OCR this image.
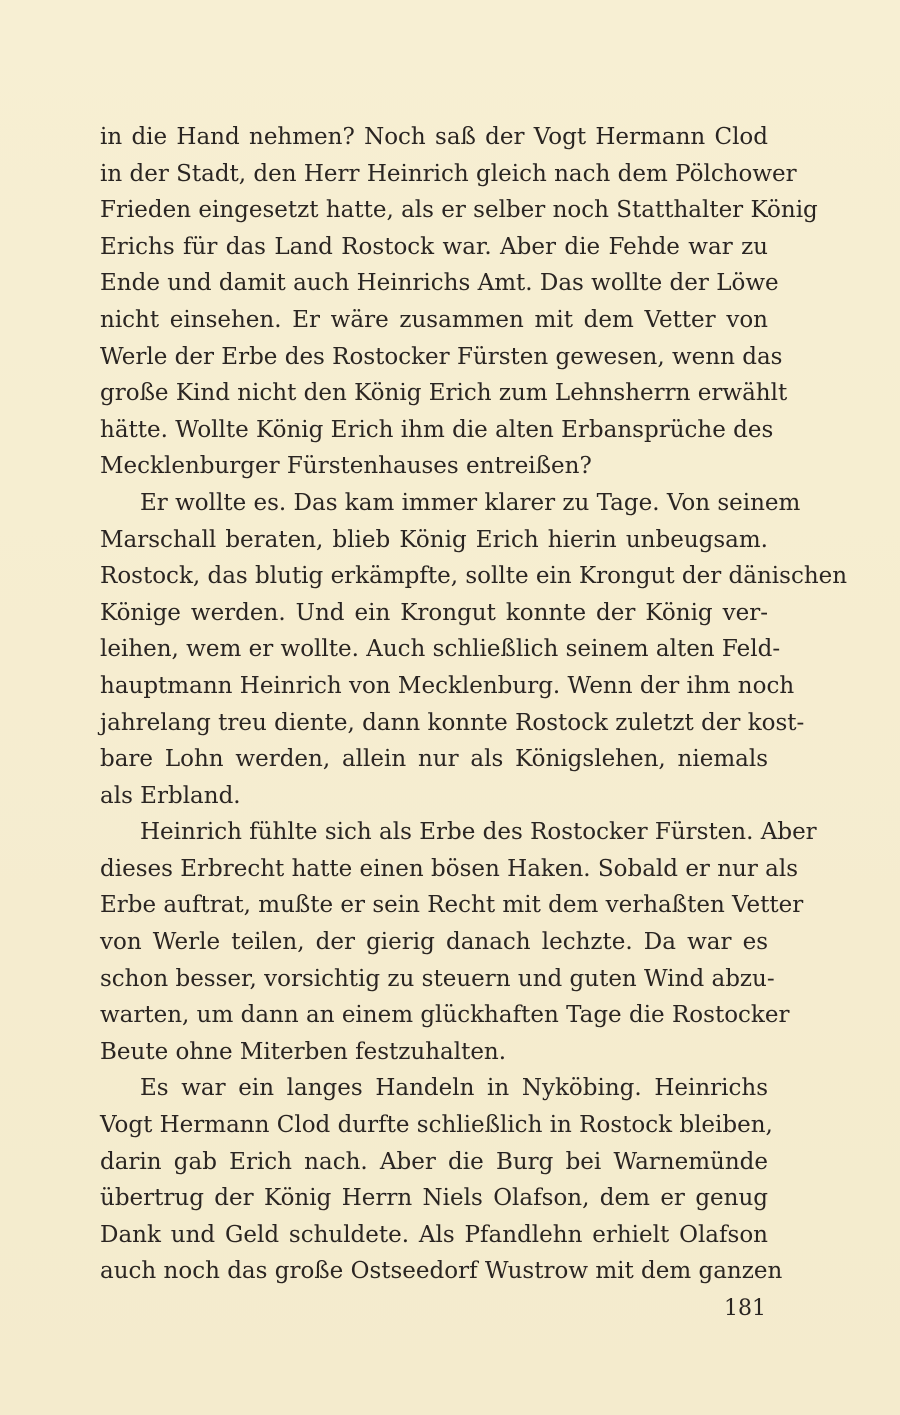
in die Hand nehmen? Noch saß der Vogt Hermann Clod
in der Stadt, den Herr Heinrich gleich nach dem Pölchower
Frieden eingesetzt hatte, als er selber noch Statthalter König
Erichs für das Land Rostock war. Aber die Fehde war zu
Ende und damit auch Heinrichs Amt. Das wollte der Löwe
nicht einsehen. Er wäre zusammen mit dem Vetter von
Werle der Erbe des Rostocker Fürsten gewesen, wenn das
große Kind nicht den König Erich zum Lehnsherrn erwählt
hätte. Wollte König Erich ihm die alten Erbansprüche des
Mecklenburger Fürstenhauses entreißen?
Er wollte es. Das kam immer klarer zu Tage. Von seinem
Marschall beraten, blieb König Erich hierin unbeugsam.
Rostock, das blutig erkämpfte, sollte ein Krongut der dänischen
Könige werden. Und ein Krongut konnte der König ver-
leihen, wem er wollte. Auch schließlich seinem alten Feld-
hauptmann Heinrich von Mecklenburg. Wenn der ihm noch
jahrelang treu diente, dann konnte Rostock zuletzt der kost-
bare Lohn werden, allein nur als Königslehen, niemals
als Erbland.
Heinrich fühlte sich als Erbe des Rostocker Fürsten. Aber
dieses Erbrecht hatte einen bösen Haken. Sobald er nur als
Erbe auftrat, mußte er sein Recht mit dem verhaßten Vetter
von Werle teilen, der gierig danach lechzte. Da war es
schon besser, vorsichtig zu steuern und guten Wind abzu-
warten, um dann an einem glückhaften Tage die Rostocker
Beute ohne Miterben festzuhalten.
Es war ein langes Handeln in Nyköbing. Heinrichs
Vogt Hermann Clod durfte schließlich in Rostock bleiben,
darin gab Erich nach. Aber die Burg bei Warnemünde
übertrug der König Herrn Niels Olafson, dem er genug
Dank und Geld schuldete. Als Pfandlehn erhielt Olafson
auch noch das große Ostseedorf Wustrow mit dem ganzen
181
